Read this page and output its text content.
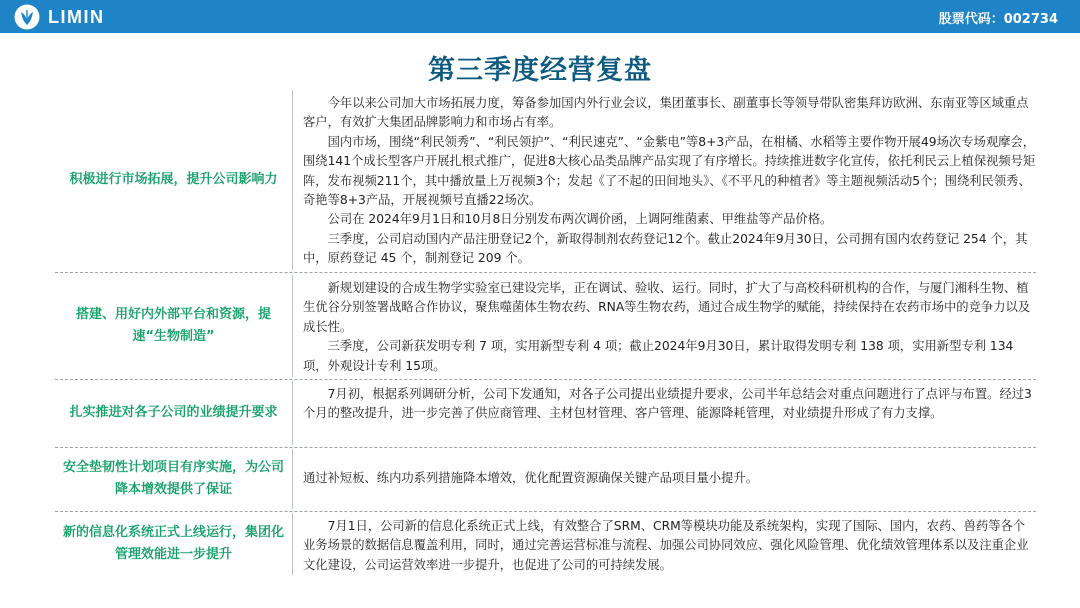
LIMIN	股票代码：002734
第三季度经营复盘
积极进行市场拓展，提升公司影响力

今年以来公司加大市场拓展力度，筹备参加国内外行业会议，集团董事长、副董事长等领导带队密集拜访欧洲、东南亚等区域重点客户，有效扩大集团品牌影响力和市场占有率。

国内市场，围绕“利民领秀”、“利民领护”、“利民速克”、“金紫电”等8+3产品，在柑橘、水稻等主要作物开展49场次专场观摩会，围绕141个成长型客户开展扎根式推广，促进8大核心品类品牌产品实现了有序增长。持续推进数字化宣传，依托利民云上植保视频号矩阵，发布视频211个，其中播放量上万视频3个；发起《了不起的田间地头》、《不平凡的种植者》等主题视频活动5个；围绕利民领秀、奇艳等8+3产品，开展视频号直播22场次。

公司在 2024年9月1日和10月8日分别发布两次调价函，上调阿维菌素、甲维盐等产品价格。

三季度，公司启动国内产品注册登记2个，新取得制剂农药登记12个。截止2024年9月30日，公司拥有国内农药登记 254 个，其中，原药登记 45 个，制剂登记 209 个。

搭建、用好内外部平台和资源，提速“生物制造”

新规划建设的合成生物学实验室已建设完毕，正在调试、验收、运行。同时，扩大了与高校科研机构的合作，与厦门湘科生物、植生优谷分别签署战略合作协议，聚焦噬菌体生物农药、RNA等生物农药，通过合成生物学的赋能，持续保持在农药市场中的竞争力以及成长性。

三季度，公司新获发明专利 7 项，实用新型专利 4 项；截止2024年9月30日，累计取得发明专利 138 项，实用新型专利 134 项，外观设计专利 15项。

扎实推进对各子公司的业绩提升要求

7月初，根据系列调研分析，公司下发通知，对各子公司提出业绩提升要求，公司半年总结会对重点问题进行了点评与布置。经过3个月的整改提升，进一步完善了供应商管理、主材包材管理、客户管理、能源降耗管理，对业绩提升形成了有力支撑。

安全垫韧性计划项目有序实施，为公司降本增效提供了保证

通过补短板、练内功系列措施降本增效，优化配置资源确保关键产品项目量小提升。

新的信息化系统正式上线运行，集团化管理效能进一步提升

7月1日，公司新的信息化系统正式上线，有效整合了SRM、CRM等模块功能及系统架构，实现了国际、国内，农药、兽药等各个业务场景的数据信息覆盖利用，同时，通过完善运营标准与流程、加强公司协同效应、强化风险管理、优化绩效管理体系以及注重企业文化建设，公司运营效率进一步提升，也促进了公司的可持续发展。
